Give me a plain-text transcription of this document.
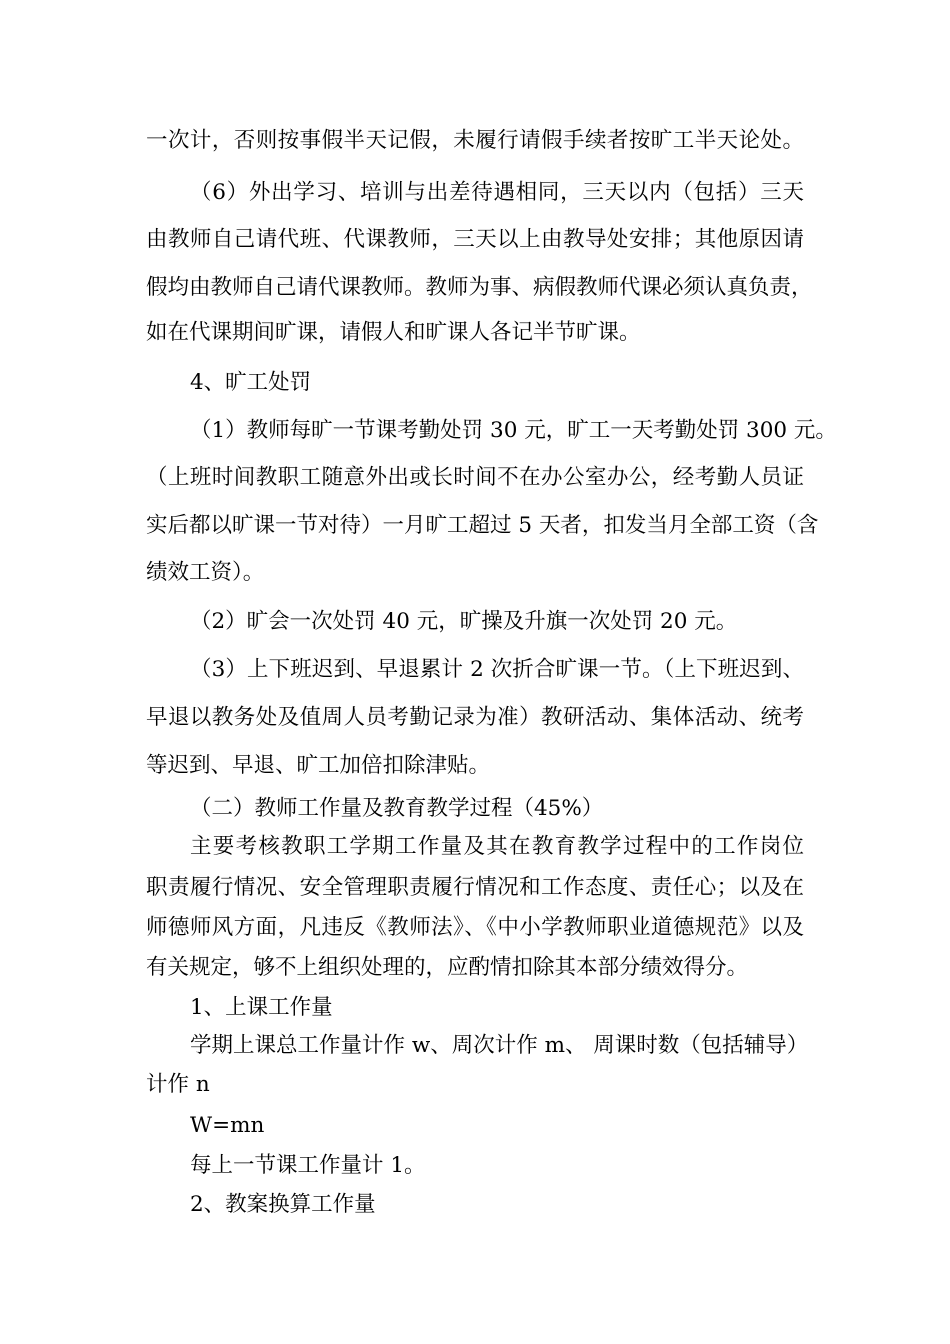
一次计，否则按事假半天记假，未履行请假手续者按旷工半天论处。
（6）外出学习、培训与出差待遇相同，三天以内（包括）三天
由教师自己请代班、代课教师，三天以上由教导处安排；其他原因请
假均由教师自己请代课教师。教师为事、病假教师代课必须认真负责，
如在代课期间旷课，请假人和旷课人各记半节旷课。
4、旷工处罚
（1）教师每旷一节课考勤处罚 30 元，旷工一天考勤处罚 300 元。
（上班时间教职工随意外出或长时间不在办公室办公，经考勤人员证
实后都以旷课一节对待）一月旷工超过 5 天者，扣发当月全部工资（含
绩效工资）。
（2）旷会一次处罚 40 元，旷操及升旗一次处罚 20 元。
（3）上下班迟到、早退累计 2 次折合旷课一节。（上下班迟到、
早退以教务处及值周人员考勤记录为准）教研活动、集体活动、统考
等迟到、早退、旷工加倍扣除津贴。
（二）教师工作量及教育教学过程（45%）
主要考核教职工学期工作量及其在教育教学过程中的工作岗位
职责履行情况、安全管理职责履行情况和工作态度、责任心；以及在
师德师风方面，凡违反《教师法》、《中小学教师职业道德规范》以及
有关规定，够不上组织处理的，应酌情扣除其本部分绩效得分。
1、上课工作量
学期上课总工作量计作 w、周次计作 m、 周课时数（包括辅导）
计作 n
W=mn
每上一节课工作量计 1。
2、教案换算工作量
